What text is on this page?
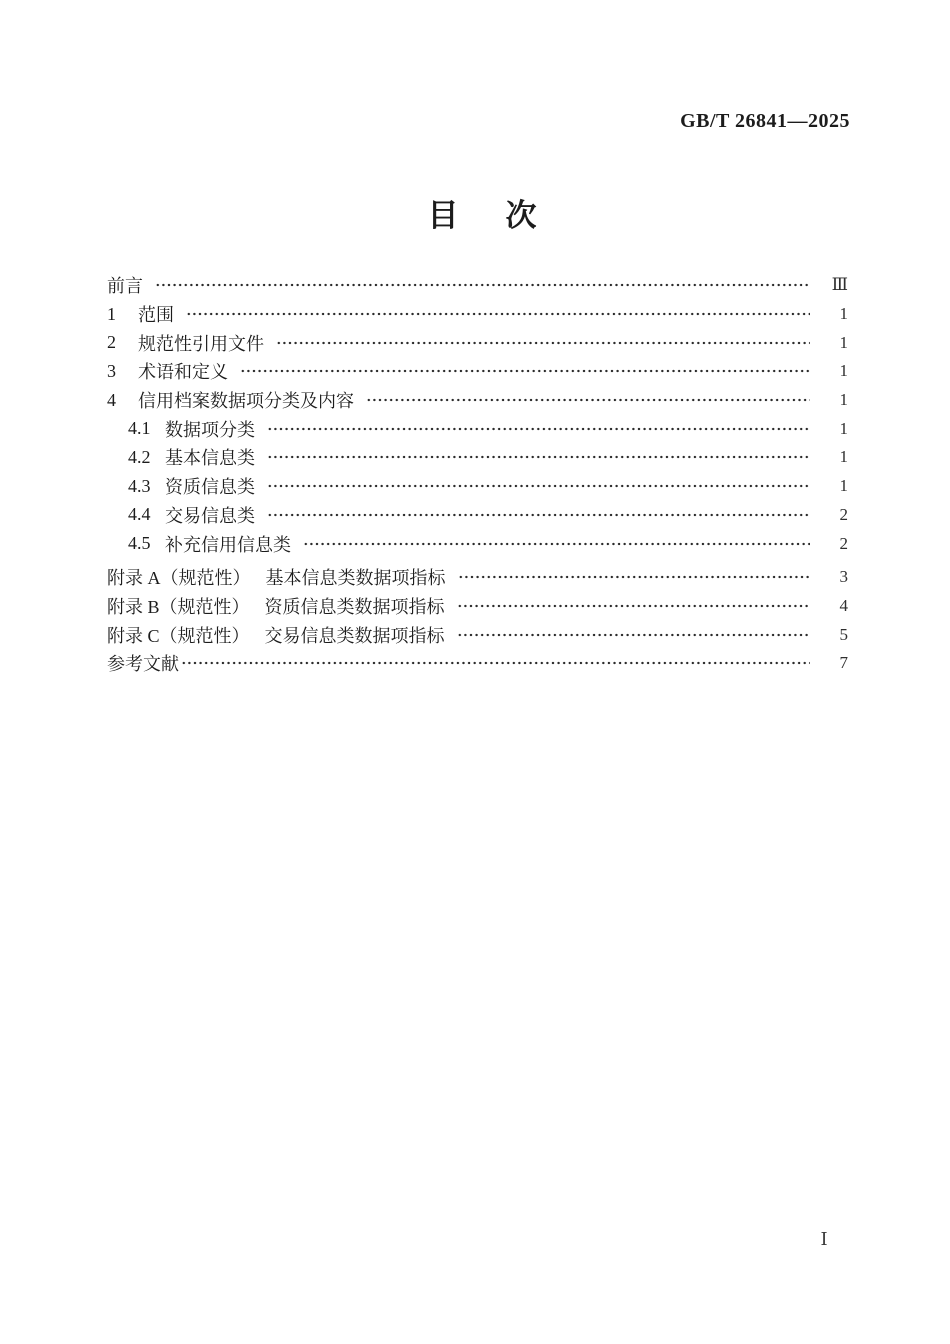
GB/T 26841—2025
目　次
前言	Ⅲ
1	范围	1
2	规范性引用文件	1
3	术语和定义	1
4	信用档案数据项分类及内容	1
4.1 数据项分类	1
4.2 基本信息类	1
4.3 资质信息类	1
4.4 交易信息类	2
4.5 补充信用信息类	2
附录 A（规范性） 基本信息类数据项指标	3
附录 B（规范性） 资质信息类数据项指标	4
附录 C（规范性） 交易信息类数据项指标	5
参考文献	7
Ⅰ
